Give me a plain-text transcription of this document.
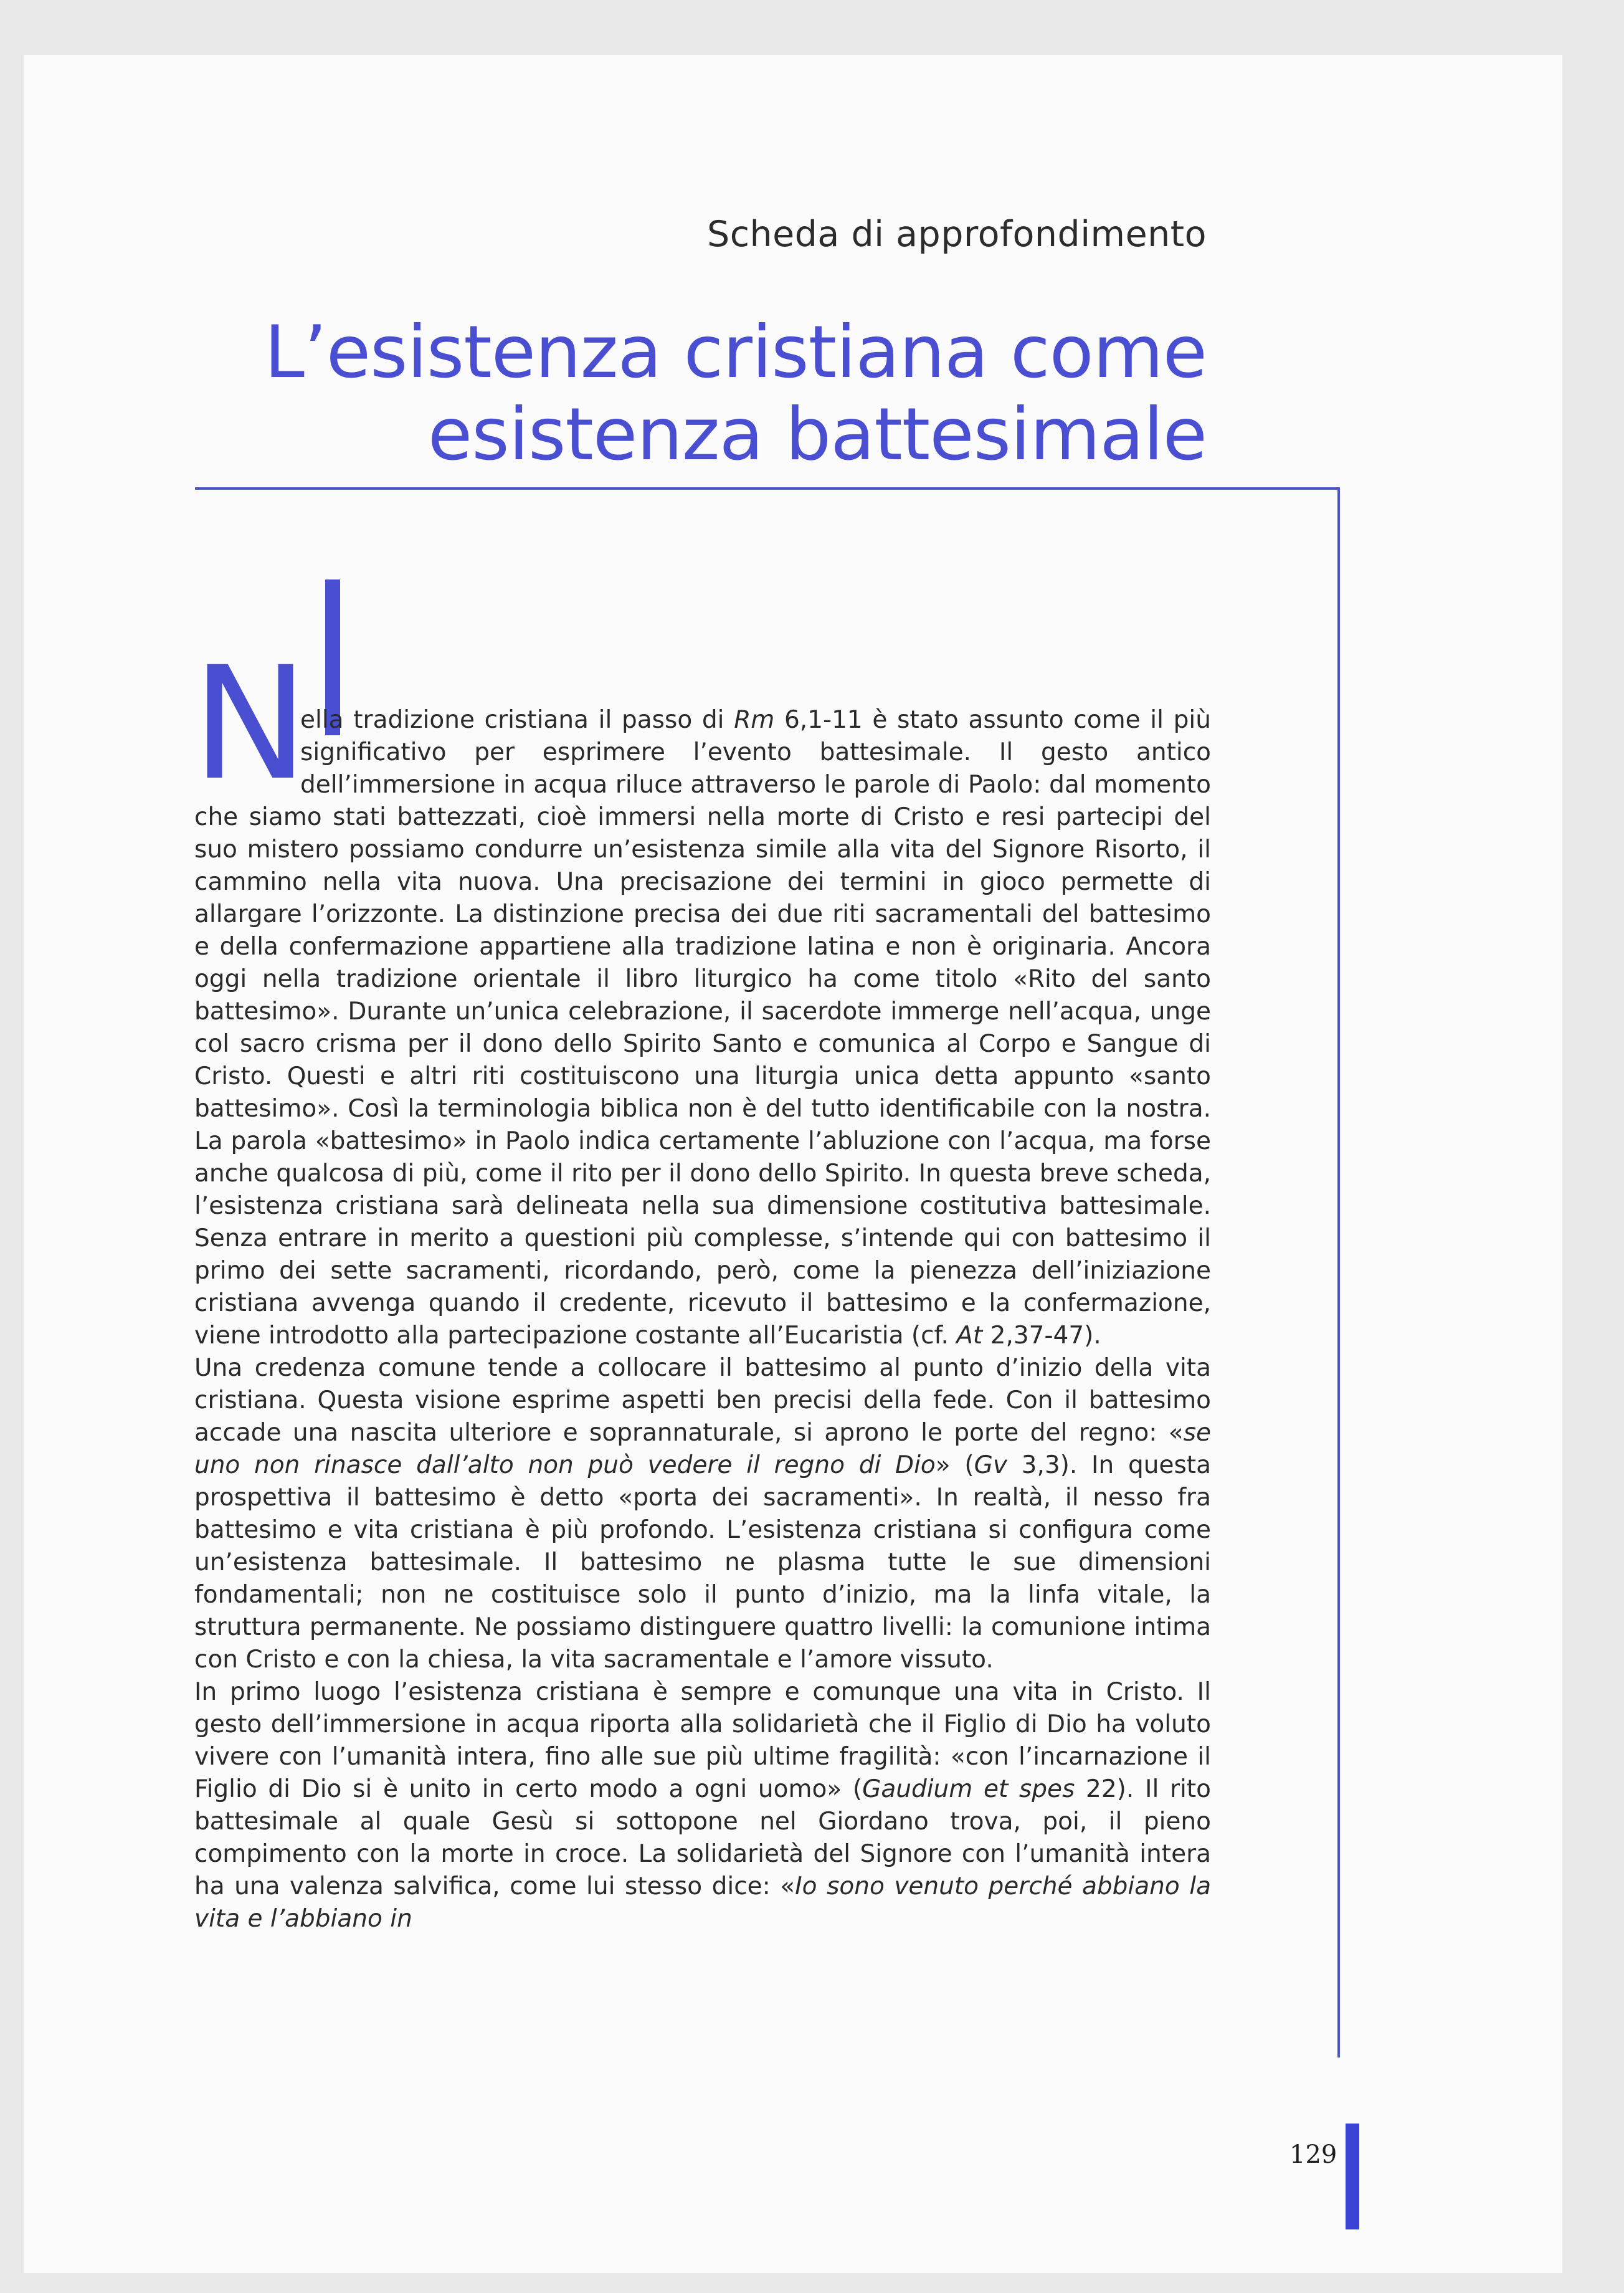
Scheda di approfondimento
L’esistenza cristiana come
esistenza battesimale

N
ella tradizione cristiana il passo di Rm 6,1-11 è stato assunto come il più significativo per esprimere l’evento battesimale. Il gesto antico dell’immersione in acqua riluce attraverso le parole di Paolo: dal momento che siamo stati battezzati, cioè immersi nella morte di Cristo e resi partecipi del suo mistero possiamo condurre un’esistenza simile alla vita del Signore Risorto, il cammino nella vita nuova. Una precisazione dei termini in gioco permette di allargare l’orizzonte. La distinzione precisa dei due riti sacramentali del battesimo e della confermazione appartiene alla tradizione latina e non è originaria. Ancora oggi nella tradizione orientale il libro liturgico ha come titolo «Rito del santo battesimo». Durante un’unica celebrazione, il sacerdote immerge nell’acqua, unge col sacro crisma per il dono dello Spirito Santo e comunica al Corpo e Sangue di Cristo. Questi e altri riti costituiscono una liturgia unica detta appunto «santo battesimo». Così la terminologia biblica non è del tutto identificabile con la nostra. La parola «battesimo» in Paolo indica certamente l’abluzione con l’acqua, ma forse anche qualcosa di più, come il rito per il dono dello Spirito. In questa breve scheda, l’esistenza cristiana sarà delineata nella sua dimensione costitutiva battesimale. Senza entrare in merito a questioni più complesse, s’intende qui con battesimo il primo dei sette sacramenti, ricordando, però, come la pienezza dell’iniziazione cristiana avvenga quando il credente, ricevuto il battesimo e la confermazione, viene introdotto alla partecipazione costante all’Eucaristia (cf. At 2,37-47).

Una credenza comune tende a collocare il battesimo al punto d’inizio della vita cristiana. Questa visione esprime aspetti ben precisi della fede. Con il battesimo accade una nascita ulteriore e soprannaturale, si aprono le porte del regno: «se uno non rinasce dall’alto non può vedere il regno di Dio» (Gv 3,3). In questa prospettiva il battesimo è detto «porta dei sacramenti». In realtà, il nesso fra battesimo e vita cristiana è più profondo. L’esistenza cristiana si configura come un’esistenza battesimale. Il battesimo ne plasma tutte le sue dimensioni fondamentali; non ne costituisce solo il punto d’inizio, ma la linfa vitale, la struttura permanente. Ne possiamo distinguere quattro livelli: la comunione intima con Cristo e con la chiesa, la vita sacramentale e l’amore vissuto.

In primo luogo l’esistenza cristiana è sempre e comunque una vita in Cristo. Il gesto dell’immersione in acqua riporta alla solidarietà che il Figlio di Dio ha voluto vivere con l’umanità intera, fino alle sue più ultime fragilità: «con l’incarnazione il Figlio di Dio si è unito in certo modo a ogni uomo» (Gaudium et spes 22). Il rito battesimale al quale Gesù si sottopone nel Giordano trova, poi, il pieno compimento con la morte in croce. La solidarietà del Signore con l’umanità intera ha una valenza salvifica, come lui stesso dice: «Io sono venuto perché abbiano la vita e l’abbiano in

129
